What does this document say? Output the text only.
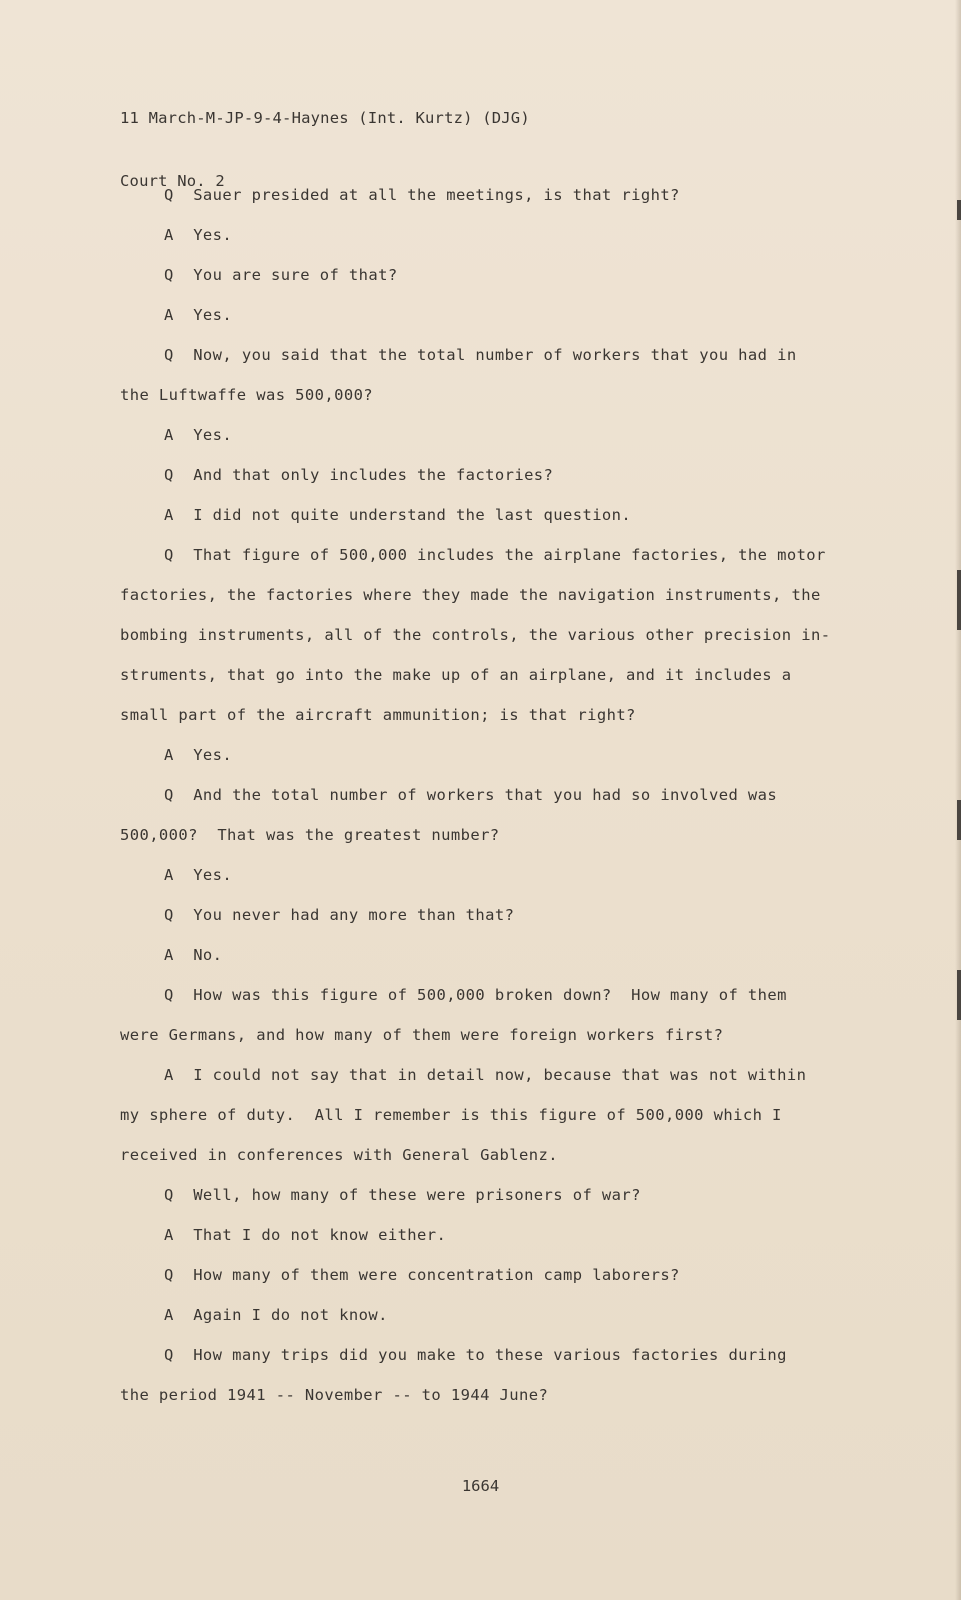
11 March-M-JP-9-4-Haynes (Int. Kurtz) (DJG)

Court No. 2

Q  Sauer presided at all the meetings, is that right?
A  Yes.
Q  You are sure of that?
A  Yes.
Q  Now, you said that the total number of workers that you had in
the Luftwaffe was 500,000?
A  Yes.
Q  And that only includes the factories?
A  I did not quite understand the last question.
Q  That figure of 500,000 includes the airplane factories, the motor
factories, the factories where they made the navigation instruments, the
bombing instruments, all of the controls, the various other precision in-
struments, that go into the make up of an airplane, and it includes a
small part of the aircraft ammunition; is that right?
A  Yes.
Q  And the total number of workers that you had so involved was
500,000?  That was the greatest number?
A  Yes.
Q  You never had any more than that?
A  No.
Q  How was this figure of 500,000 broken down?  How many of them
were Germans, and how many of them were foreign workers first?
A  I could not say that in detail now, because that was not within
my sphere of duty.  All I remember is this figure of 500,000 which I
received in conferences with General Gablenz.
Q  Well, how many of these were prisoners of war?
A  That I do not know either.
Q  How many of them were concentration camp laborers?
A  Again I do not know.
Q  How many trips did you make to these various factories during
the period 1941 -- November -- to 1944 June?
1664
